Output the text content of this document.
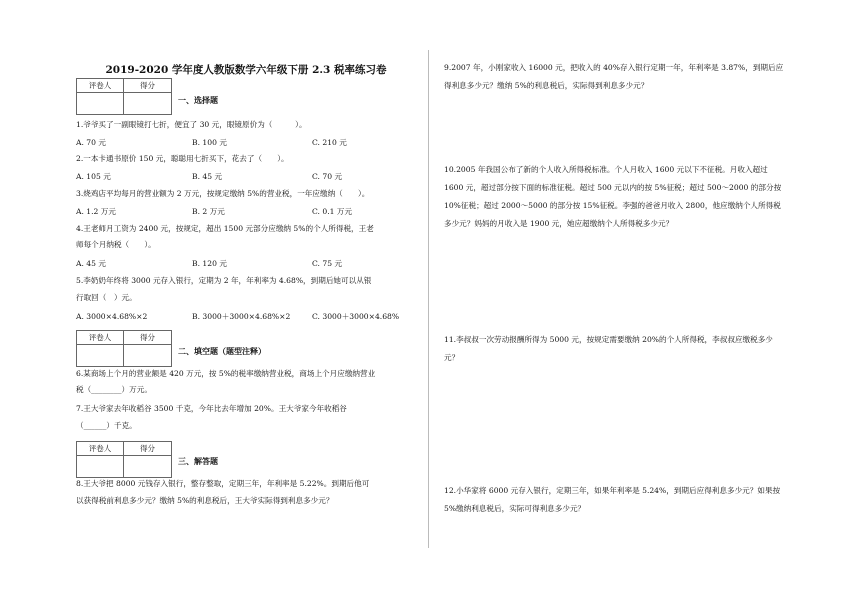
2019-2020 学年度人教版数学六年级下册 2.3 税率练习卷
评卷人	得分
一、选择题
1.爷爷买了一副眼镜打七折，便宜了 30 元，眼镜原价为（　　　）。
A. 70 元	B. 100 元	C. 210 元
2.一本卡通书原价 150 元，聪聪用七折买下，花去了（　　）。
A. 105 元	B. 45 元	C. 70 元
3.烧鸡店平均每月的营业额为 2 万元，按规定缴纳 5%的营业税，一年应缴纳（　　）。
A. 1.2 万元	B. 2 万元	C. 0.1 万元
4.王老师月工资为 2400 元，按规定，超出 1500 元部分应缴纳 5%的个人所得税，王老
师每个月纳税（　　）。
A. 45 元	B. 120 元	C. 75 元
5.李奶奶年终将 3000 元存入银行，定期为 2 年，年利率为 4.68%，到期后她可以从银
行取回（　）元。
A. 3000×4.68%×2	B. 3000＋3000×4.68%×2	C. 3000＋3000×4.68%
评卷人	得分
二、填空题（题型注释）
6.某商场上个月的营业额是 420 万元，按 5%的税率缴纳营业税，商场上个月应缴纳营业
税（________）万元。
7.王大爷家去年收稻谷 3500 千克，今年比去年增加 20%。王大爷家今年收稻谷
（______）千克。
评卷人	得分
三、解答题
8.王大爷把 8000 元钱存入银行，整存整取，定期三年，年利率是 5.22%。到期后他可
以获得税前利息多少元？缴纳 5%的利息税后，王大爷实际得到利息多少元？
9.2007 年，小刚家收入 16000 元，把收入的 40%存入银行定期一年，年利率是 3.87%，到期后应得利息多少元？缴纳 5%的利息税后，实际得到利息多少元？
10.2005 年我国公布了新的个人收入所得税标准。个人月收入 1600 元以下不征税。月收入超过 1600 元，超过部分按下面的标准征税。超过 500 元以内的按 5%征税；超过 500～2000 的部分按 10%征税；超过 2000～5000 的部分按 15%征税。李强的爸爸月收入 2800，他应缴纳个人所得税多少元？妈妈的月收入是 1900 元，她应超缴纳个人所得税多少元？
11.李叔叔一次劳动报酬所得为 5000 元，按规定需要缴纳 20%的个人所得税，李叔叔应缴税多少元？
12.小华家将 6000 元存入银行，定期三年，如果年利率是 5.24%，到期后应得利息多少元？如果按 5%缴纳利息税后，实际可得利息多少元？
